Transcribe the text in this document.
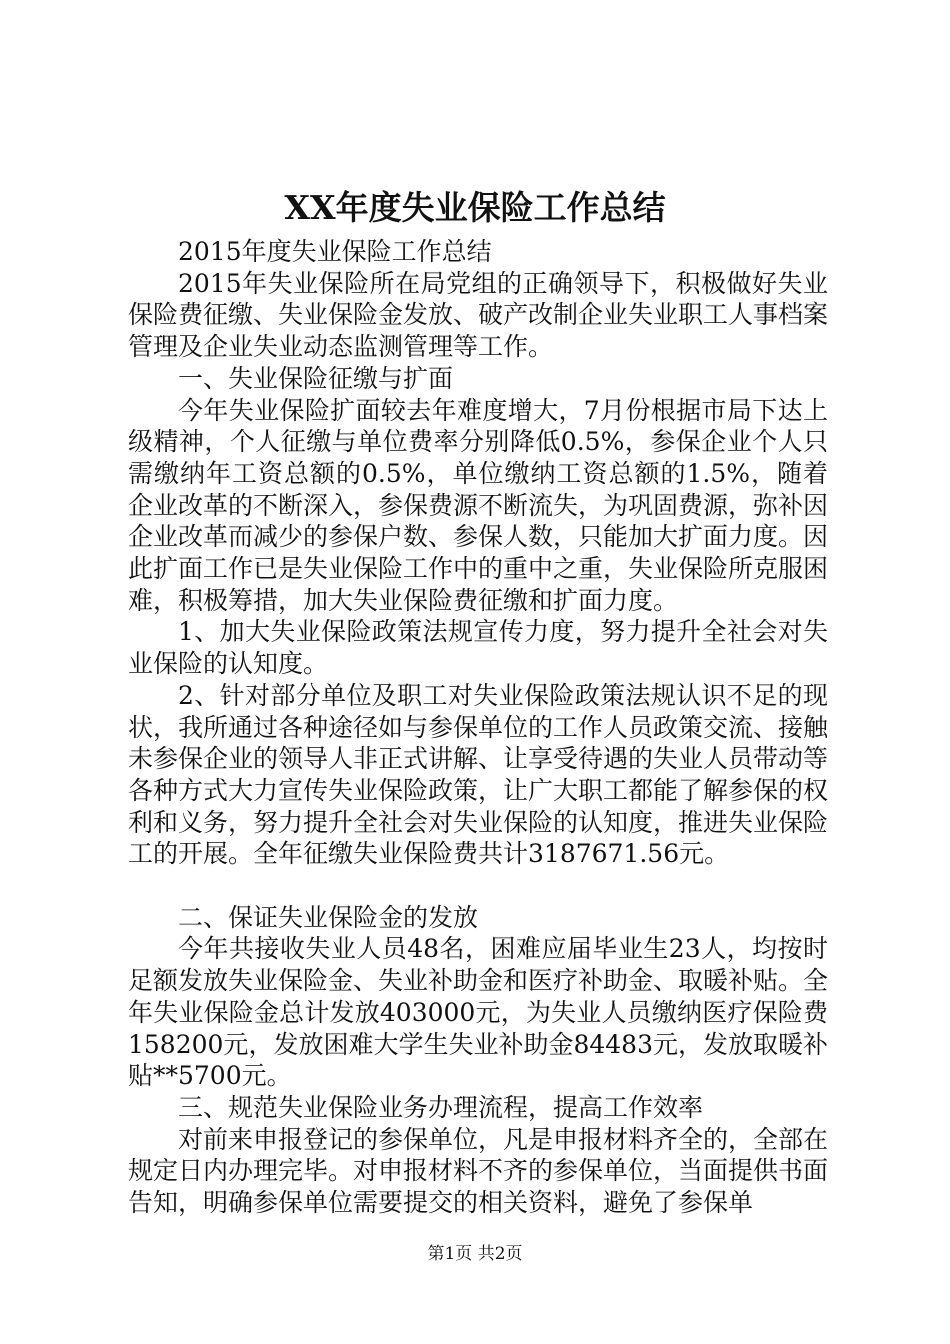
XX年度失业保险工作总结

2015年度失业保险工作总结

2015年失业保险所在局党组的正确领导下，积极做好失业保险费征缴、失业保险金发放、破产改制企业失业职工人事档案管理及企业失业动态监测管理等工作。

一、失业保险征缴与扩面

今年失业保险扩面较去年难度增大，7月份根据市局下达上级精神，个人征缴与单位费率分别降低0.5%，参保企业个人只需缴纳年工资总额的0.5%，单位缴纳工资总额的1.5%，随着企业改革的不断深入，参保费源不断流失，为巩固费源，弥补因企业改革而减少的参保户数、参保人数，只能加大扩面力度。因此扩面工作已是失业保险工作中的重中之重，失业保险所克服困难，积极筹措，加大失业保险费征缴和扩面力度。

1、加大失业保险政策法规宣传力度，努力提升全社会对失业保险的认知度。

2、针对部分单位及职工对失业保险政策法规认识不足的现状，我所通过各种途径如与参保单位的工作人员政策交流、接触未参保企业的领导人非正式讲解、让享受待遇的失业人员带动等各种方式大力宣传失业保险政策，让广大职工都能了解参保的权利和义务，努力提升全社会对失业保险的认知度，推进失业保险工的开展。全年征缴失业保险费共计3187671.56元。

二、保证失业保险金的发放

今年共接收失业人员48名，困难应届毕业生23人，均按时足额发放失业保险金、失业补助金和医疗补助金、取暖补贴。全年失业保险金总计发放403000元，为失业人员缴纳医疗保险费158200元，发放困难大学生失业补助金84483元，发放取暖补贴**5700元。

三、规范失业保险业务办理流程，提高工作效率

对前来申报登记的参保单位，凡是申报材料齐全的，全部在规定日内办理完毕。对申报材料不齐的参保单位，当面提供书面告知，明确参保单位需要提交的相关资料，避免了参保单

第1页 共2页
